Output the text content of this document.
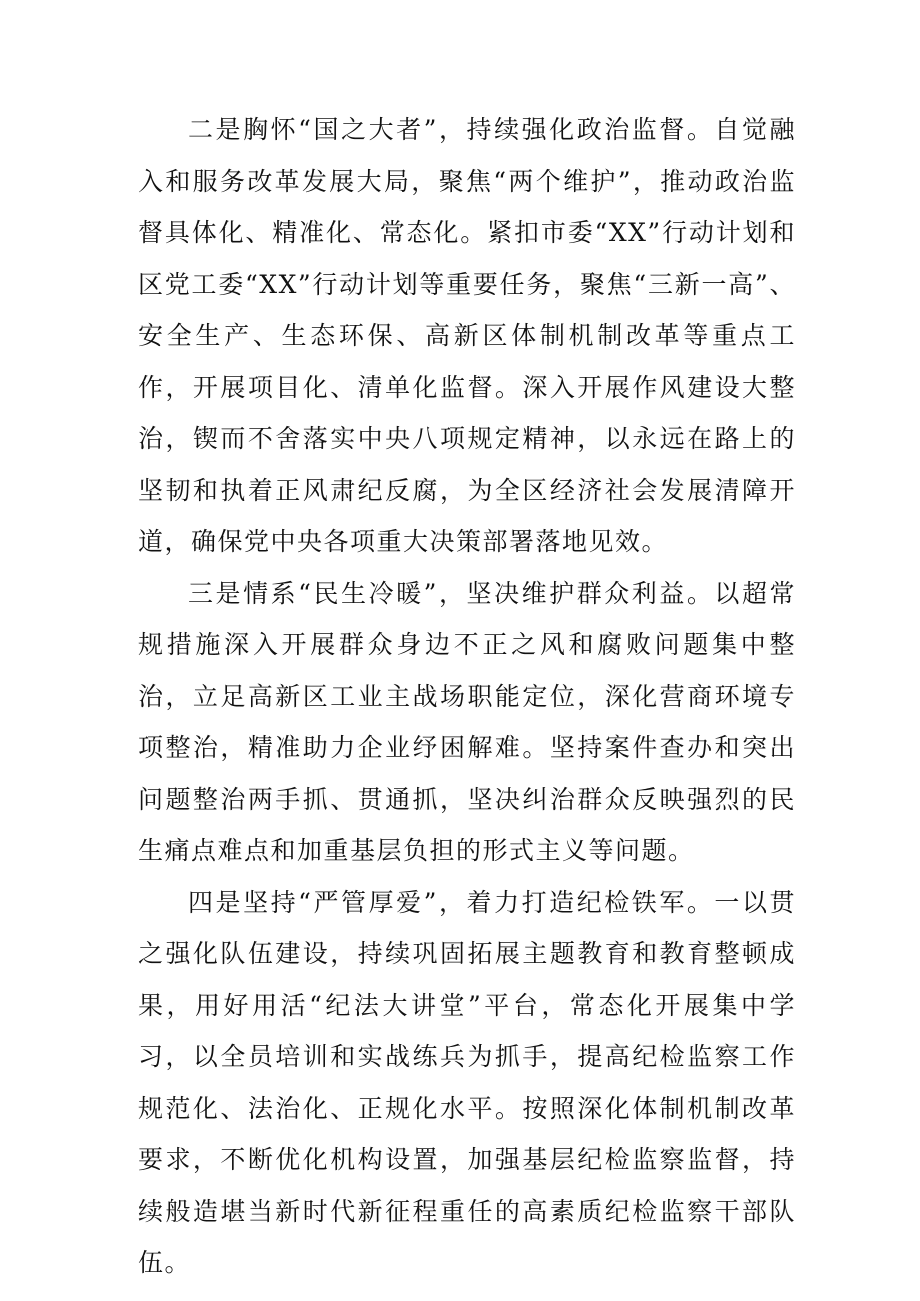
二是胸怀“国之大者”，持续强化政治监督。自觉融入和服务改革发展大局，聚焦“两个维护”，推动政治监督具体化、精准化、常态化。紧扣市委“XX”行动计划和区党工委“XX”行动计划等重要任务，聚焦“三新一高”、安全生产、生态环保、高新区体制机制改革等重点工作，开展项目化、清单化监督。深入开展作风建设大整治，锲而不舍落实中央八项规定精神，以永远在路上的坚韧和执着正风肃纪反腐，为全区经济社会发展清障开道，确保党中央各项重大决策部署落地见效。

三是情系“民生冷暖”，坚决维护群众利益。以超常规措施深入开展群众身边不正之风和腐败问题集中整治，立足高新区工业主战场职能定位，深化营商环境专项整治，精准助力企业纾困解难。坚持案件查办和突出问题整治两手抓、贯通抓，坚决纠治群众反映强烈的民生痛点难点和加重基层负担的形式主义等问题。

四是坚持“严管厚爱”，着力打造纪检铁军。一以贯之强化队伍建设，持续巩固拓展主题教育和教育整顿成果，用好用活“纪法大讲堂”平台，常态化开展集中学习，以全员培训和实战练兵为抓手，提高纪检监察工作规范化、法治化、正规化水平。按照深化体制机制改革要求，不断优化机构设置，加强基层纪检监察监督，持续般造堪当新时代新征程重任的高素质纪检监察干部队伍。
